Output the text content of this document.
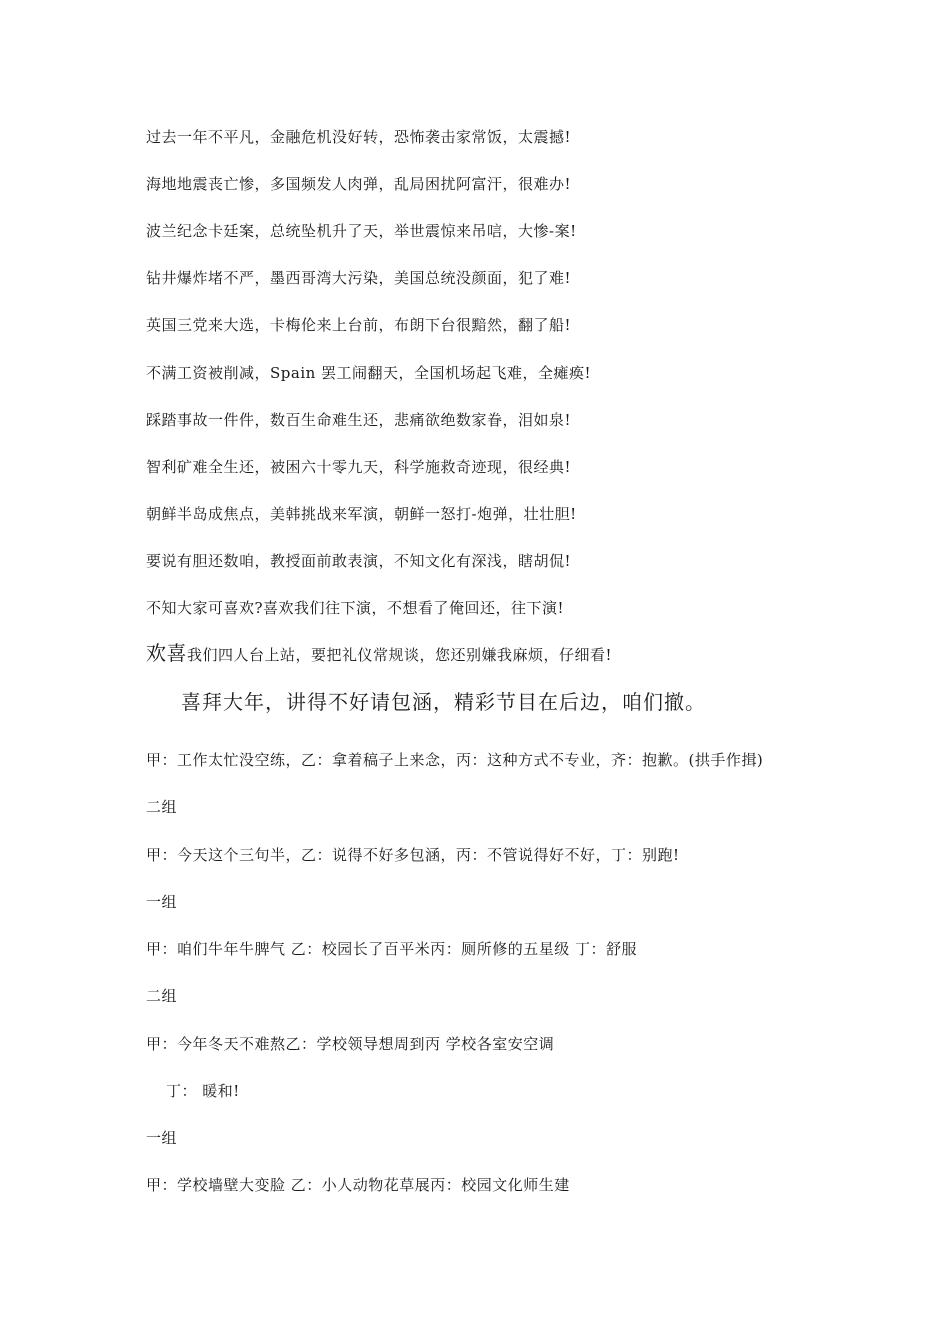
过去一年不平凡，金融危机没好转，恐怖袭击家常饭，太震撼!
海地地震丧亡惨，多国频发人肉弹，乱局困扰阿富汗，很难办!
波兰纪念卡廷案，总统坠机升了天，举世震惊来吊唁，大惨-案!
钻井爆炸堵不严，墨西哥湾大污染，美国总统没颜面，犯了难!
英国三党来大选，卡梅伦来上台前，布朗下台很黯然，翻了船!
不满工资被削减，Spain 罢工闹翻天，全国机场起飞难，全瘫痪!
踩踏事故一件件，数百生命难生还，悲痛欲绝数家眷，泪如泉!
智利矿难全生还，被困六十零九天，科学施救奇迹现，很经典!
朝鲜半岛成焦点，美韩挑战来军演，朝鲜一怒打-炮弹，壮壮胆!
要说有胆还数咱，教授面前敢表演，不知文化有深浅，瞎胡侃!
不知大家可喜欢?喜欢我们往下演，不想看了俺回还，往下演!
欢喜我们四人台上站，要把礼仪常规谈，您还别嫌我麻烦，仔细看!
喜拜大年，讲得不好请包涵，精彩节目在后边，咱们撤。
甲：工作太忙没空练，乙：拿着稿子上来念，丙：这种方式不专业，齐：抱歉。(拱手作揖)
二组
甲：今天这个三句半，乙：说得不好多包涵，丙：不管说得好不好，丁：别跑!
一组
甲：咱们牛年牛脾气 乙：校园长了百平米丙：厕所修的五星级 丁：舒服
二组
甲：今年冬天不难熬乙：学校领导想周到丙 学校各室安空调
丁： 暖和!
一组
甲：学校墙壁大变脸 乙：小人动物花草展丙：校园文化师生建
